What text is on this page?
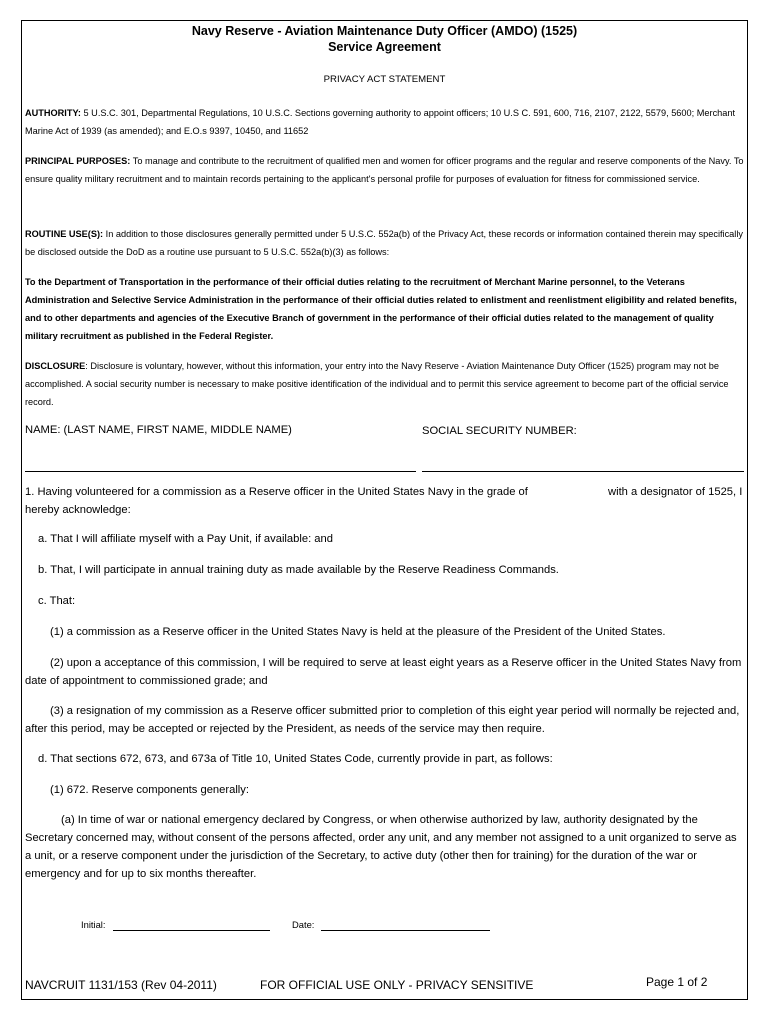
Navy Reserve - Aviation Maintenance Duty Officer (AMDO) (1525)
Service Agreement
PRIVACY ACT STATEMENT
AUTHORITY: 5 U.S.C. 301, Departmental Regulations, 10 U.S.C. Sections governing authority to appoint officers; 10 U.S C. 591, 600, 716, 2107, 2122, 5579, 5600; Merchant Marine Act of 1939 (as amended); and E.O.s 9397, 10450, and 11652
PRINCIPAL PURPOSES: To manage and contribute to the recruitment of qualified men and women for officer programs and the regular and reserve components of the Navy. To ensure quality military recruitment and to maintain records pertaining to the applicant's personal profile for purposes of evaluation for fitness for commissioned service.
ROUTINE USE(S): In addition to those disclosures generally permitted under 5 U.S.C. 552a(b) of the Privacy Act, these records or information contained therein may specifically be disclosed outside the DoD as a routine use pursuant to 5 U.S.C. 552a(b)(3) as follows:
To the Department of Transportation in the performance of their official duties relating to the recruitment of Merchant Marine personnel, to the Veterans Administration and Selective Service Administration in the performance of their official duties related to enlistment and reenlistment eligibility and related benefits, and to other departments and agencies of the Executive Branch of government in the performance of their official duties related to the management of quality military recruitment as published in the Federal Register.
DISCLOSURE: Disclosure is voluntary, however, without this information, your entry into the Navy Reserve - Aviation Maintenance Duty Officer (1525) program may not be accomplished. A social security number is necessary to make positive identification of the individual and to permit this service agreement to become part of the official service record.
NAME: (LAST NAME, FIRST NAME, MIDDLE NAME)	SOCIAL SECURITY NUMBER:
1. Having volunteered for a commission as a Reserve officer in the United States Navy in the grade of	with a designator of 1525, I

hereby acknowledge:
a. That I will affiliate myself with a Pay Unit, if available: and
b. That, I will participate in annual training duty as made available by the Reserve Readiness Commands.
c. That:
(1) a commission as a Reserve officer in the United States Navy is held at the pleasure of the President of the United States.
(2) upon a acceptance of this commission, I will be required to serve at least eight years as a Reserve officer in the United States Navy from date of appointment to commissioned grade; and
(3) a resignation of my commission as a Reserve officer submitted prior to completion of this eight year period will normally be rejected and, after this period, may be accepted or rejected by the President, as needs of the service may then require.
d. That sections 672, 673, and 673a of Title 10, United States Code, currently provide in part, as follows:
(1) 672. Reserve components generally:
(a) In time of war or national emergency declared by Congress, or when otherwise authorized by law, authority designated by the Secretary concerned may, without consent of the persons affected, order any unit, and any member not assigned to a unit organized to serve as a unit, or a reserve component under the jurisdiction of the Secretary, to active duty (other then for training) for the duration of the war or emergency and for up to six months thereafter.
Initial:	Date:
NAVCRUIT 1131/153 (Rev 04-2011)	FOR OFFICIAL USE ONLY - PRIVACY SENSITIVE	Page 1 of 2
